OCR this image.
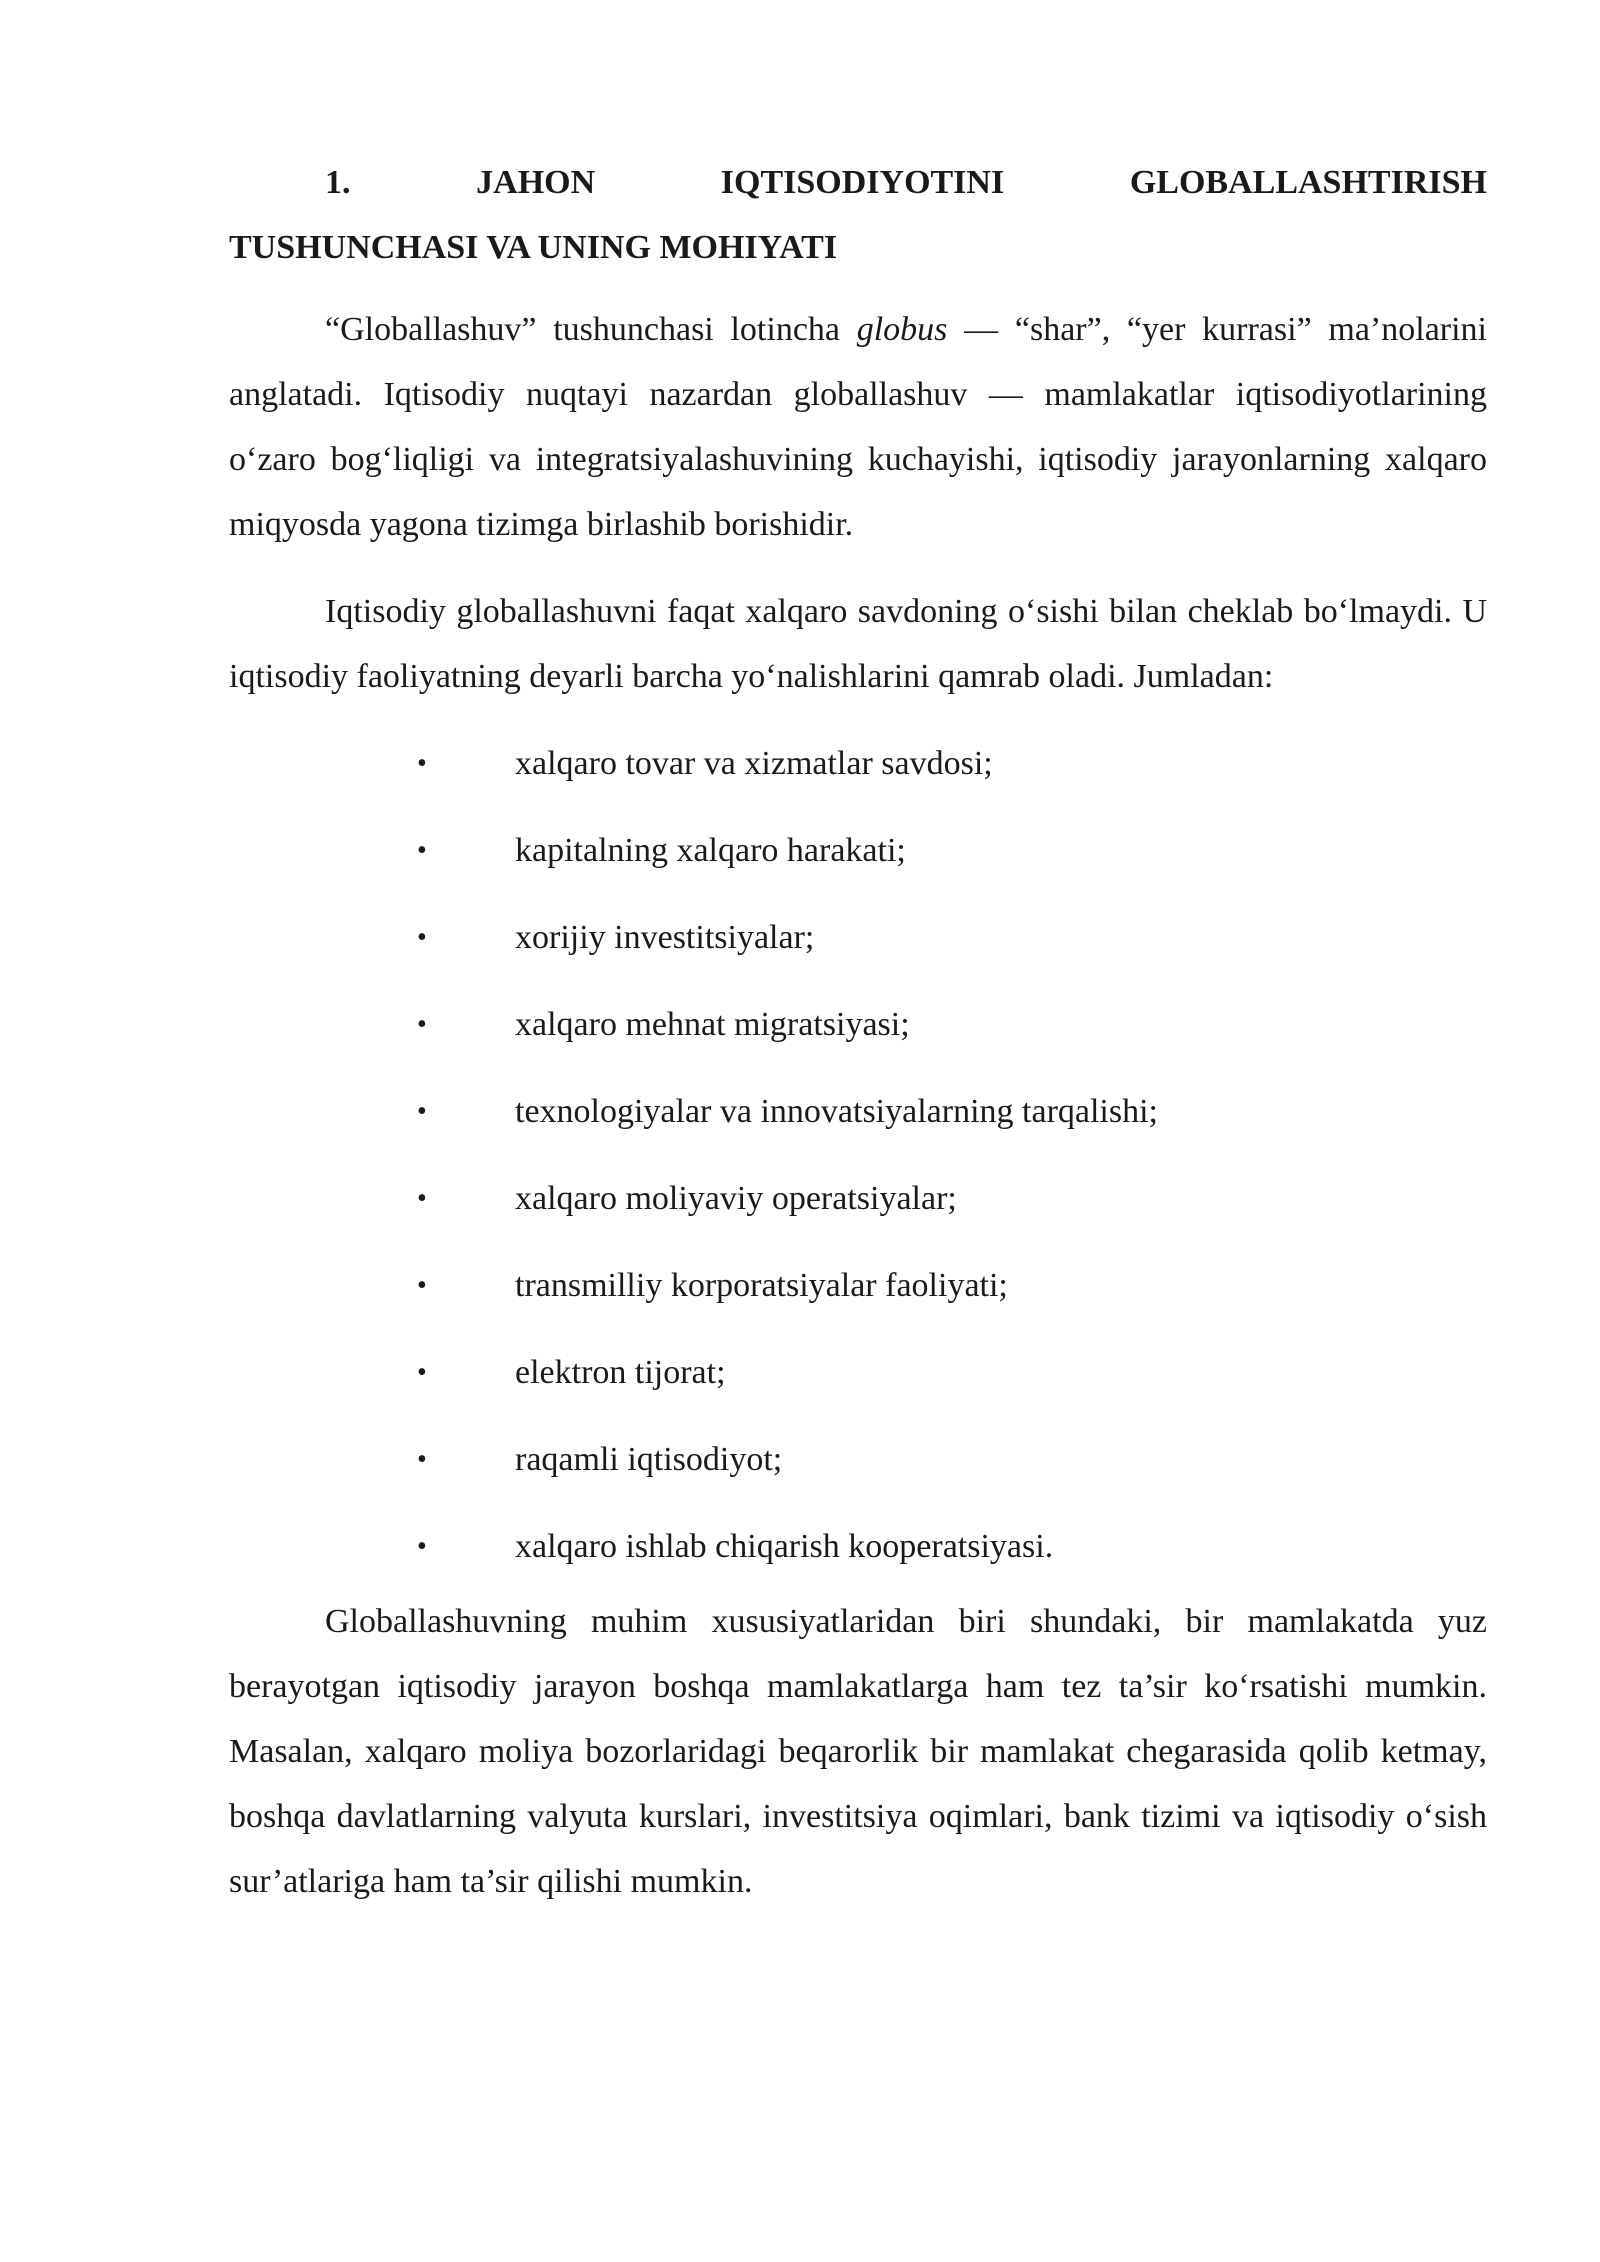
1.	JAHON	IQTISODIYOTINI	GLOBALLASHTIRISH
TUSHUNCHASI VA UNING MOHIYATI

“Globallashuv” tushunchasi lotincha globus — “shar”, “yer kurrasi” ma’nolarini anglatadi. Iqtisodiy nuqtayi nazardan globallashuv — mamlakatlar iqtisodiyotlarining o‘zaro bog‘liqligi va integratsiyalashuvining kuchayishi, iqtisodiy jarayonlarning xalqaro miqyosda yagona tizimga birlashib borishidir.

Iqtisodiy globallashuvni faqat xalqaro savdoning o‘sishi bilan cheklab bo‘lmaydi. U iqtisodiy faoliyatning deyarli barcha yo‘nalishlarini qamrab oladi. Jumladan:

•	xalqaro tovar va xizmatlar savdosi;
•	kapitalning xalqaro harakati;
•	xorijiy investitsiyalar;
•	xalqaro mehnat migratsiyasi;
•	texnologiyalar va innovatsiyalarning tarqalishi;
•	xalqaro moliyaviy operatsiyalar;
•	transmilliy korporatsiyalar faoliyati;
•	elektron tijorat;
•	raqamli iqtisodiyot;
•	xalqaro ishlab chiqarish kooperatsiyasi.

Globallashuvning muhim xususiyatlaridan biri shundaki, bir mamlakatda yuz berayotgan iqtisodiy jarayon boshqa mamlakatlarga ham tez ta’sir ko‘rsatishi mumkin. Masalan, xalqaro moliya bozorlaridagi beqarorlik bir mamlakat chegarasida qolib ketmay, boshqa davlatlarning valyuta kurslari, investitsiya oqimlari, bank tizimi va iqtisodiy o‘sish sur’atlariga ham ta’sir qilishi mumkin.
